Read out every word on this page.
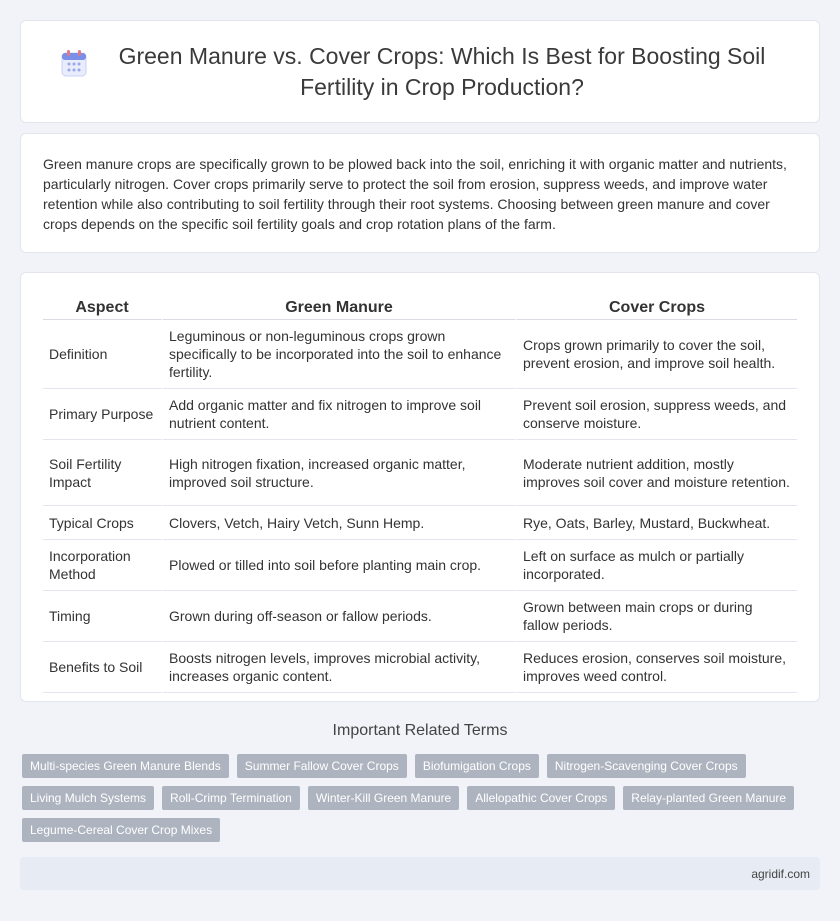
Green Manure vs. Cover Crops: Which Is Best for Boosting Soil Fertility in Crop Production?

Green manure crops are specifically grown to be plowed back into the soil, enriching it with organic matter and nutrients, particularly nitrogen. Cover crops primarily serve to protect the soil from erosion, suppress weeds, and improve water retention while also contributing to soil fertility through their root systems. Choosing between green manure and cover crops depends on the specific soil fertility goals and crop rotation plans of the farm.

Aspect	Green Manure	Cover Crops
Definition	Leguminous or non-leguminous crops grown specifically to be incorporated into the soil to enhance fertility.	Crops grown primarily to cover the soil, prevent erosion, and improve soil health.
Primary Purpose	Add organic matter and fix nitrogen to improve soil nutrient content.	Prevent soil erosion, suppress weeds, and conserve moisture.
Soil Fertility Impact	High nitrogen fixation, increased organic matter, improved soil structure.	Moderate nutrient addition, mostly improves soil cover and moisture retention.
Typical Crops	Clovers, Vetch, Hairy Vetch, Sunn Hemp.	Rye, Oats, Barley, Mustard, Buckwheat.
Incorporation Method	Plowed or tilled into soil before planting main crop.	Left on surface as mulch or partially incorporated.
Timing	Grown during off-season or fallow periods.	Grown between main crops or during fallow periods.
Benefits to Soil	Boosts nitrogen levels, improves microbial activity, increases organic content.	Reduces erosion, conserves soil moisture, improves weed control.
Important Related Terms
Multi-species Green Manure Blends	Summer Fallow Cover Crops	Biofumigation Crops	Nitrogen-Scavenging Cover Crops
Living Mulch Systems	Roll-Crimp Termination	Winter-Kill Green Manure	Allelopathic Cover Crops	Relay-planted Green Manure
Legume-Cereal Cover Crop Mixes
agridif.com
